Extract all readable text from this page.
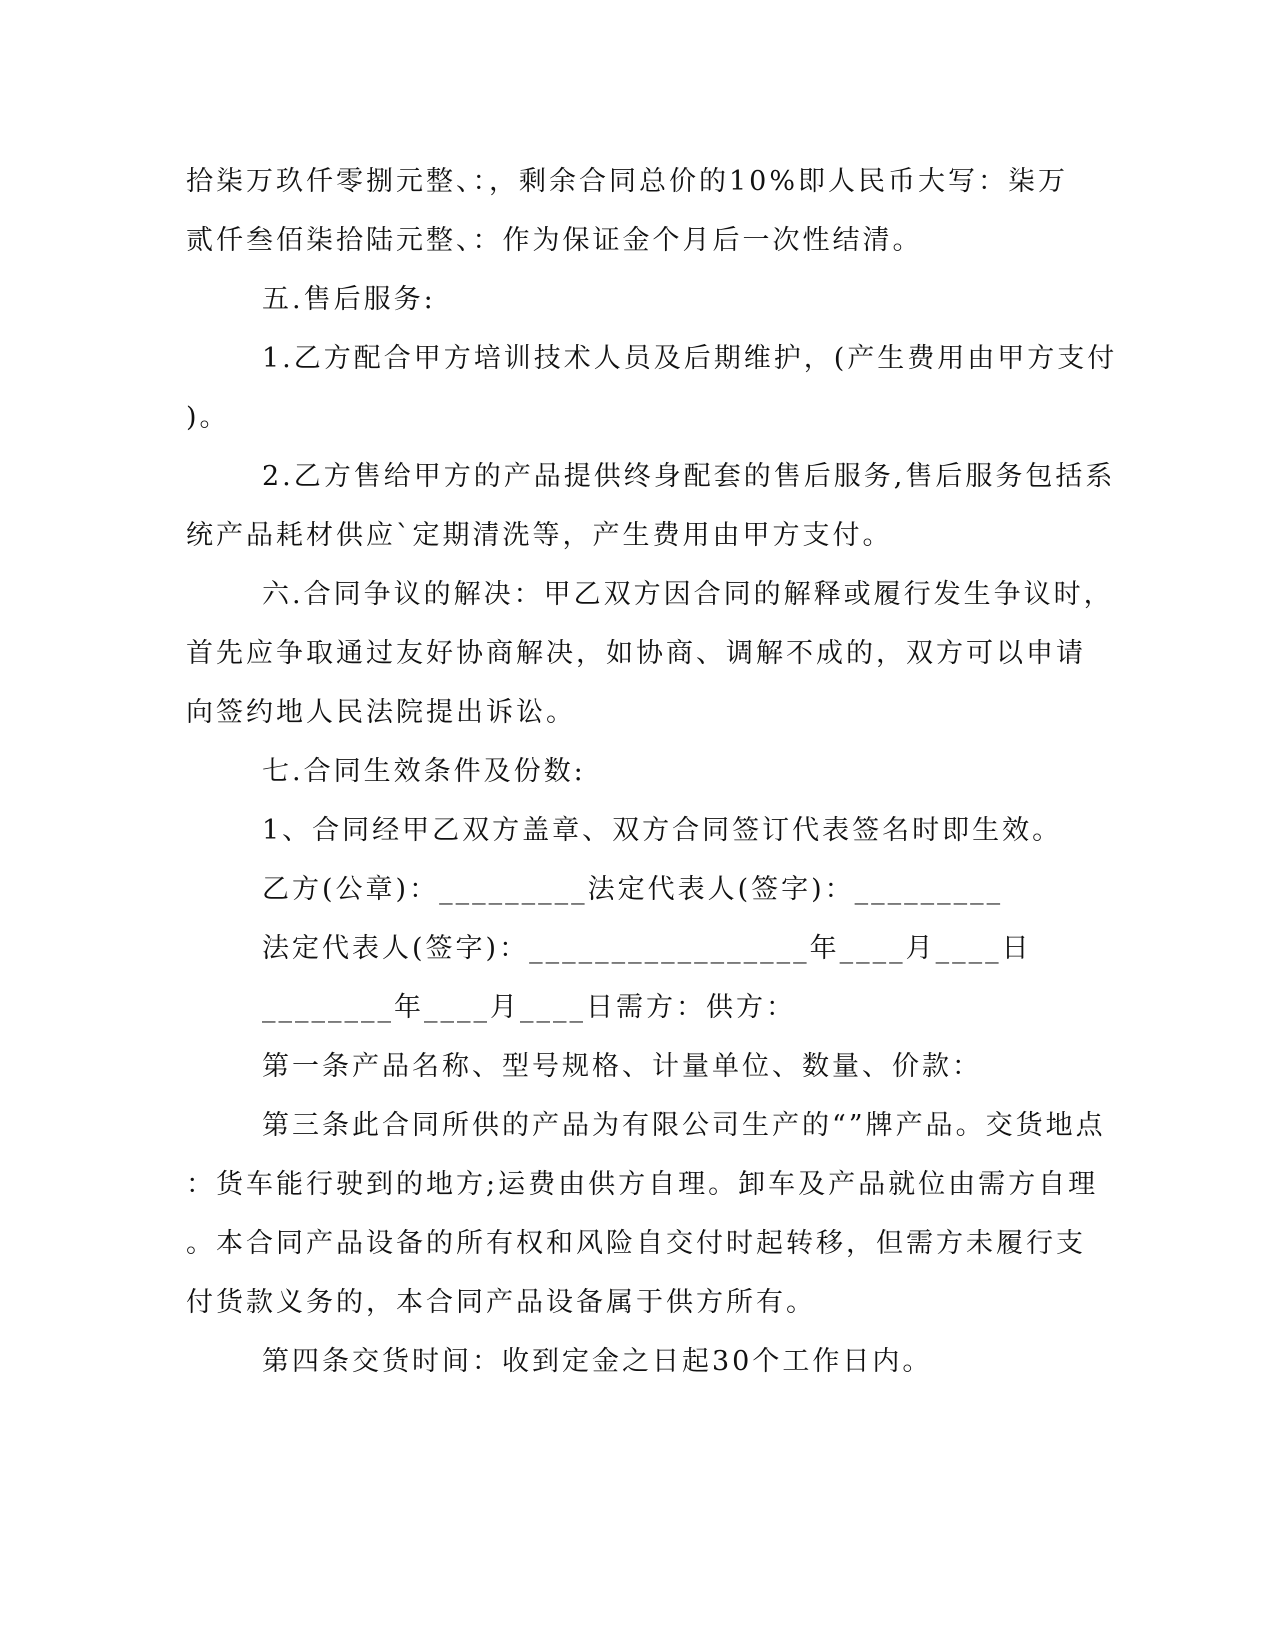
拾柒万玖仟零捌元整、：，剩余合同总价的10%即人民币大写：柒万
贰仟叁佰柒拾陆元整、：作为保证金个月后一次性结清。
五.售后服务:
1.乙方配合甲方培训技术人员及后期维护，(产生费用由甲方支付
)。
2.乙方售给甲方的产品提供终身配套的售后服务,售后服务包括系
统产品耗材供应`定期清洗等，产生费用由甲方支付。
六.合同争议的解决：甲乙双方因合同的解释或履行发生争议时，
首先应争取通过友好协商解决，如协商、调解不成的，双方可以申请
向签约地人民法院提出诉讼。
七.合同生效条件及份数:
1、合同经甲乙双方盖章、双方合同签订代表签名时即生效。
乙方(公章)：_________法定代表人(签字)：_________
法定代表人(签字)：_________________年____月____日
________年____月____日需方：供方：
第一条产品名称、型号规格、计量单位、数量、价款：
第三条此合同所供的产品为有限公司生产的“”牌产品。交货地点
：货车能行驶到的地方;运费由供方自理。卸车及产品就位由需方自理
。本合同产品设备的所有权和风险自交付时起转移，但需方未履行支
付货款义务的，本合同产品设备属于供方所有。
第四条交货时间：收到定金之日起30个工作日内。
